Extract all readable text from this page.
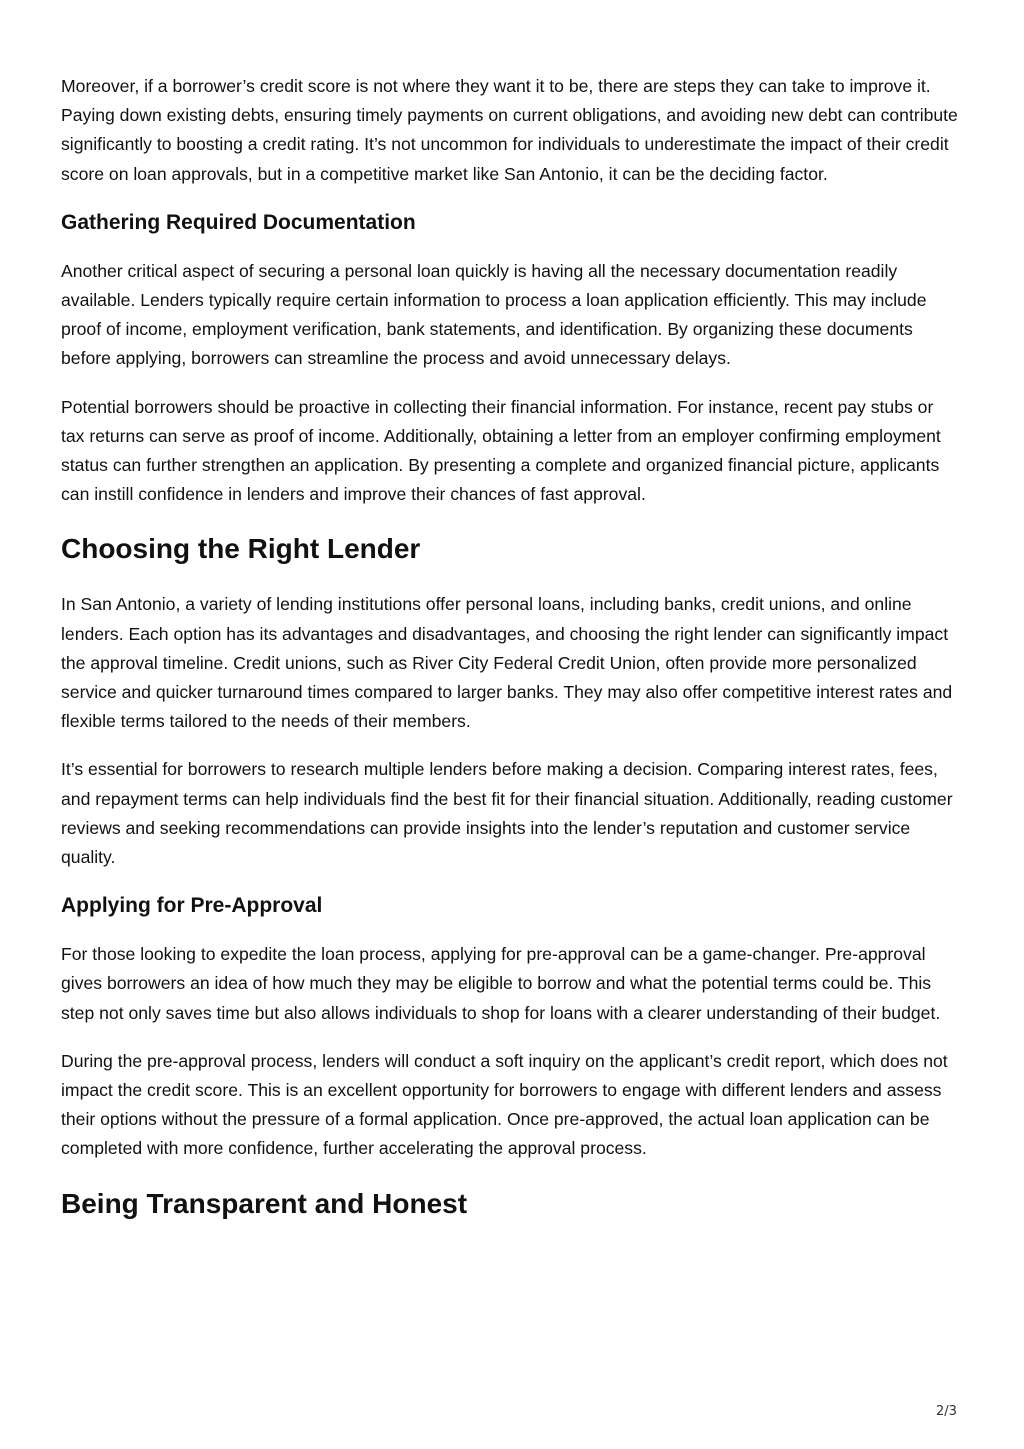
Moreover, if a borrower’s credit score is not where they want it to be, there are steps they can take to improve it. Paying down existing debts, ensuring timely payments on current obligations, and avoiding new debt can contribute significantly to boosting a credit rating. It’s not uncommon for individuals to underestimate the impact of their credit score on loan approvals, but in a competitive market like San Antonio, it can be the deciding factor.

Gathering Required Documentation

Another critical aspect of securing a personal loan quickly is having all the necessary documentation readily available. Lenders typically require certain information to process a loan application efficiently. This may include proof of income, employment verification, bank statements, and identification. By organizing these documents before applying, borrowers can streamline the process and avoid unnecessary delays.

Potential borrowers should be proactive in collecting their financial information. For instance, recent pay stubs or tax returns can serve as proof of income. Additionally, obtaining a letter from an employer confirming employment status can further strengthen an application. By presenting a complete and organized financial picture, applicants can instill confidence in lenders and improve their chances of fast approval.

Choosing the Right Lender

In San Antonio, a variety of lending institutions offer personal loans, including banks, credit unions, and online lenders. Each option has its advantages and disadvantages, and choosing the right lender can significantly impact the approval timeline. Credit unions, such as River City Federal Credit Union, often provide more personalized service and quicker turnaround times compared to larger banks. They may also offer competitive interest rates and flexible terms tailored to the needs of their members.

It’s essential for borrowers to research multiple lenders before making a decision. Comparing interest rates, fees, and repayment terms can help individuals find the best fit for their financial situation. Additionally, reading customer reviews and seeking recommendations can provide insights into the lender’s reputation and customer service quality.

Applying for Pre-Approval

For those looking to expedite the loan process, applying for pre-approval can be a game-changer. Pre-approval gives borrowers an idea of how much they may be eligible to borrow and what the potential terms could be. This step not only saves time but also allows individuals to shop for loans with a clearer understanding of their budget.

During the pre-approval process, lenders will conduct a soft inquiry on the applicant’s credit report, which does not impact the credit score. This is an excellent opportunity for borrowers to engage with different lenders and assess their options without the pressure of a formal application. Once pre-approved, the actual loan application can be completed with more confidence, further accelerating the approval process.

Being Transparent and Honest
2/3
